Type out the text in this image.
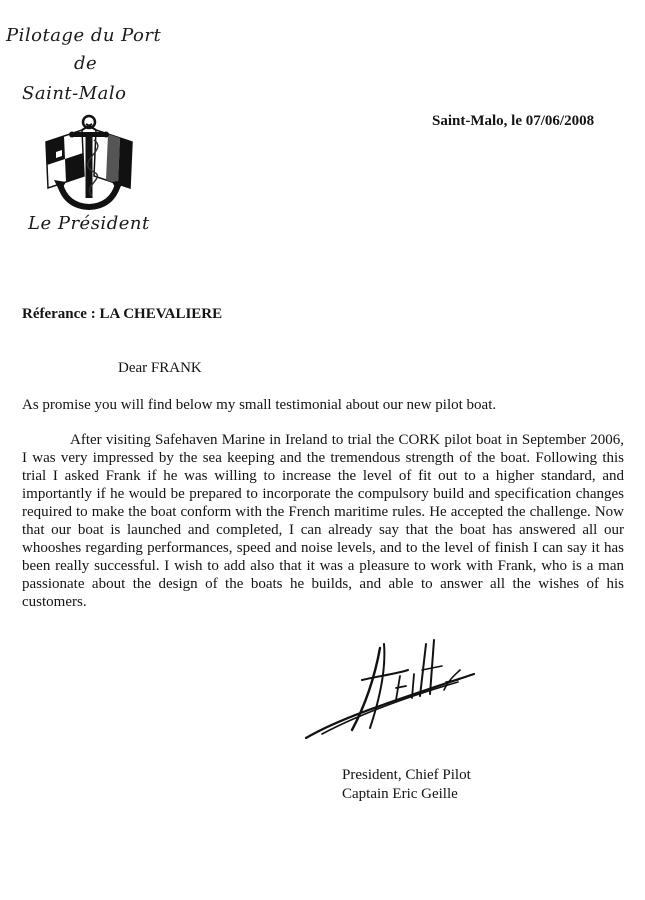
Pilotage du Port
de
Saint-Malo
Le Président
Saint-Malo, le 07/06/2008
Réferance : LA CHEVALIERE
Dear FRANK
As promise you will find below my small testimonial about our new pilot boat.

After visiting Safehaven Marine in Ireland to trial the CORK pilot boat in September 2006, I was very impressed by the sea keeping and the tremendous strength of the boat. Following this trial I asked Frank if he was willing to increase the level of fit out to a higher standard, and importantly if he would be prepared to incorporate the compulsory build and specification changes required to make the boat conform with the French maritime rules. He accepted the challenge. Now that our boat is launched and completed, I can already say that the boat has answered all our whooshes regarding performances, speed and noise levels, and to the level of finish I can say it has been really successful. I wish to add also that it was a pleasure to work with Frank, who is a man passionate about the design of the boats he builds, and able to answer all the wishes of his customers.

President, Chief Pilot
Captain Eric Geille
